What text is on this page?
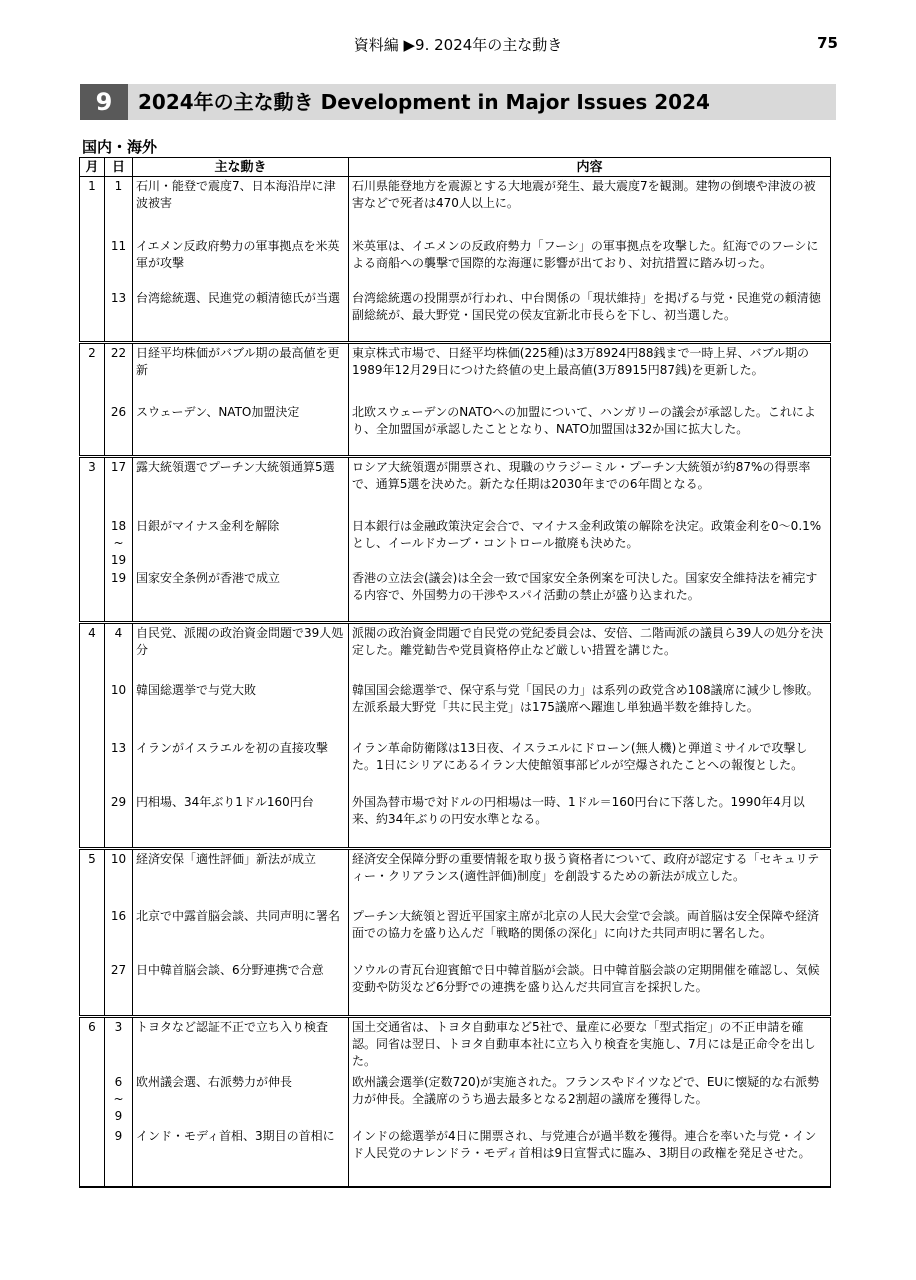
資料編 ▶9. 2024年の主な動き	75
9	2024年の主な動き Development in Major Issues 2024
国内・海外
月	日	主な動き	内容
1	1	石川・能登で震度7、日本海沿岸に津波被害	石川県能登地方を震源とする大地震が発生、最大震度7を観測。建物の倒壊や津波の被害などで死者は470人以上に。
	11	イエメン反政府勢力の軍事拠点を米英軍が攻撃	米英軍は、イエメンの反政府勢力「フーシ」の軍事拠点を攻撃した。紅海でのフーシによる商船への襲撃で国際的な海運に影響が出ており、対抗措置に踏み切った。
	13	台湾総統選、民進党の頼清徳氏が当選	台湾総統選の投開票が行われ、中台関係の「現状維持」を掲げる与党・民進党の頼清徳副総統が、最大野党・国民党の侯友宜新北市長らを下し、初当選した。
2	22	日経平均株価がバブル期の最高値を更新	東京株式市場で、日経平均株価(225種)は3万8924円88銭まで一時上昇、バブル期の1989年12月29日につけた終値の史上最高値(3万8915円87銭)を更新した。
	26	スウェーデン、NATO加盟決定	北欧スウェーデンのNATOへの加盟について、ハンガリーの議会が承認した。これにより、全加盟国が承認したこととなり、NATO加盟国は32か国に拡大した。
3	17	露大統領選でプーチン大統領通算5選	ロシア大統領選が開票され、現職のウラジーミル・プーチン大統領が約87%の得票率で、通算5選を決めた。新たな任期は2030年までの6年間となる。
	18 ~ 19	日銀がマイナス金利を解除	日本銀行は金融政策決定会合で、マイナス金利政策の解除を決定。政策金利を0～0.1%とし、イールドカーブ・コントロール撤廃も決めた。
	19	国家安全条例が香港で成立	香港の立法会(議会)は全会一致で国家安全条例案を可決した。国家安全維持法を補完する内容で、外国勢力の干渉やスパイ活動の禁止が盛り込まれた。
4	4	自民党、派閥の政治資金問題で39人処分	派閥の政治資金問題で自民党の党紀委員会は、安倍、二階両派の議員ら39人の処分を決定した。離党勧告や党員資格停止など厳しい措置を講じた。
	10	韓国総選挙で与党大敗	韓国国会総選挙で、保守系与党「国民の力」は系列の政党含め108議席に減少し惨敗。左派系最大野党「共に民主党」は175議席へ躍進し単独過半数を維持した。
	13	イランがイスラエルを初の直接攻撃	イラン革命防衛隊は13日夜、イスラエルにドローン(無人機)と弾道ミサイルで攻撃した。1日にシリアにあるイラン大使館領事部ビルが空爆されたことへの報復とした。
	29	円相場、34年ぶり1ドル160円台	外国為替市場で対ドルの円相場は一時、1ドル＝160円台に下落した。1990年4月以来、約34年ぶりの円安水準となる。
5	10	経済安保「適性評価」新法が成立	経済安全保障分野の重要情報を取り扱う資格者について、政府が認定する「セキュリティー・クリアランス(適性評価)制度」を創設するための新法が成立した。
	16	北京で中露首脳会談、共同声明に署名	プーチン大統領と習近平国家主席が北京の人民大会堂で会談。両首脳は安全保障や経済面での協力を盛り込んだ「戦略的関係の深化」に向けた共同声明に署名した。
	27	日中韓首脳会談、6分野連携で合意	ソウルの青瓦台迎賓館で日中韓首脳が会談。日中韓首脳会談の定期開催を確認し、気候変動や防災など6分野での連携を盛り込んだ共同宣言を採択した。
6	3	トヨタなど認証不正で立ち入り検査	国土交通省は、トヨタ自動車など5社で、量産に必要な「型式指定」の不正申請を確認。同省は翌日、トヨタ自動車本社に立ち入り検査を実施し、7月には是正命令を出した。
	6 ~ 9	欧州議会選、右派勢力が伸長	欧州議会選挙(定数720)が実施された。フランスやドイツなどで、EUに懐疑的な右派勢力が伸長。全議席のうち過去最多となる2割超の議席を獲得した。
	9	インド・モディ首相、3期目の首相に	インドの総選挙が4日に開票され、与党連合が過半数を獲得。連合を率いた与党・インド人民党のナレンドラ・モディ首相は9日宣誓式に臨み、3期目の政権を発足させた。
